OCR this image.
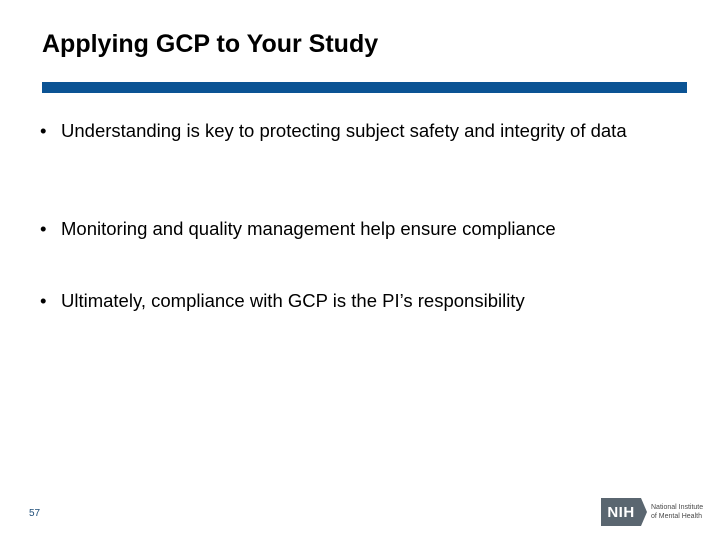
Applying GCP to Your Study
• Understanding is key to protecting subject safety and integrity of data
• Monitoring and quality management help ensure compliance
• Ultimately, compliance with GCP is the PI’s responsibility
57	NIH National Institute
of Mental Health
